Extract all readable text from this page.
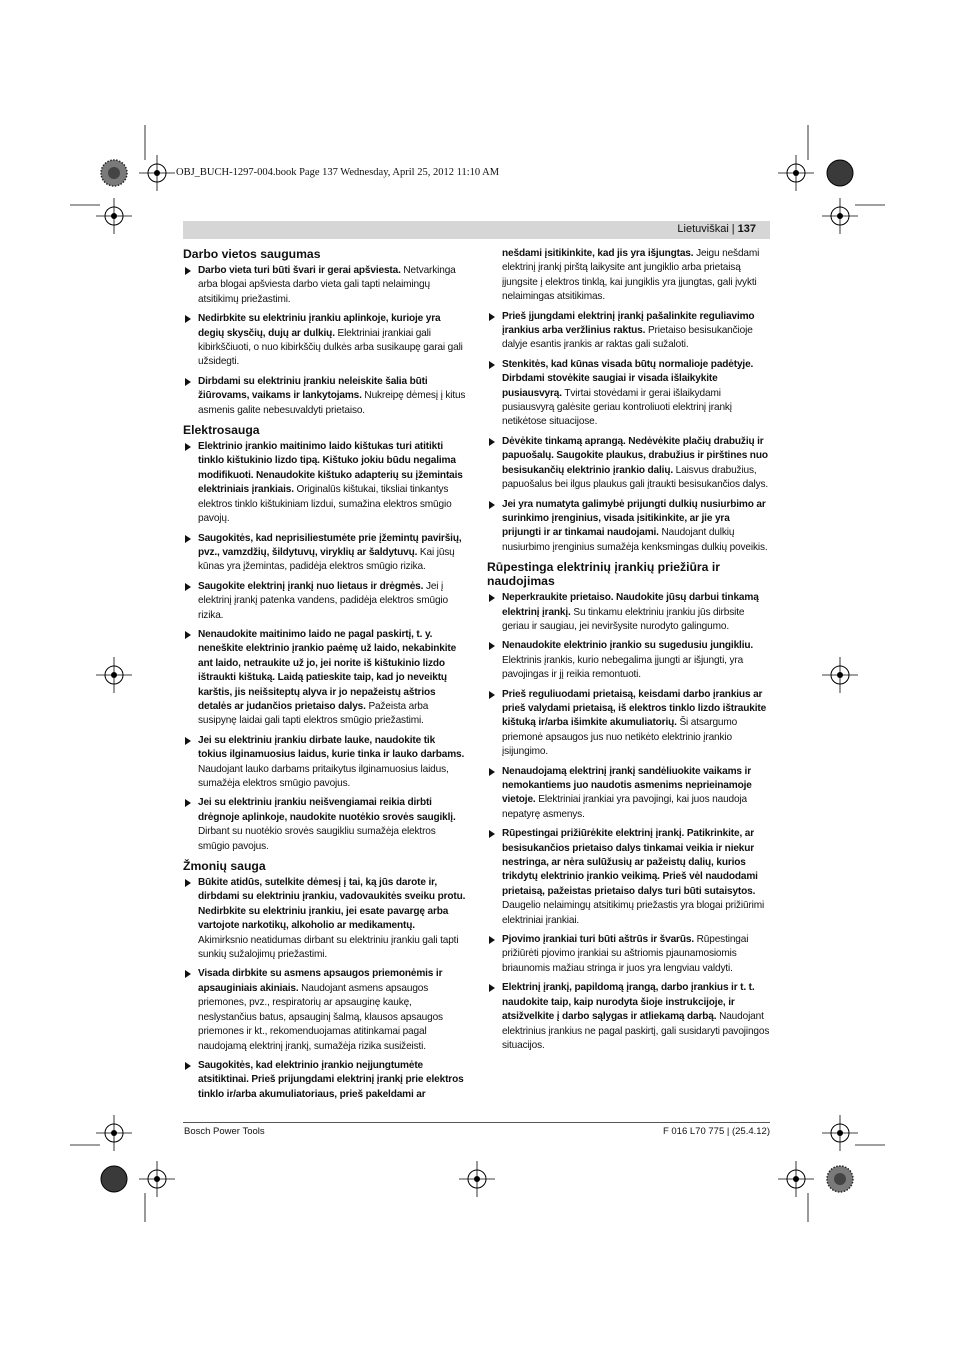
OBJ_BUCH-1297-004.book Page 137 Wednesday, April 25, 2012 11:10 AM
Lietuviškai | 137
Darbo vietos saugumas
Darbo vieta turi būti švari ir gerai apšviesta. Netvarkinga arba blogai apšviesta darbo vieta gali tapti nelaimingų atsitikimų priežastimi.
Nedirbkite su elektriniu įrankiu aplinkoje, kurioje yra degių skysčių, dujų ar dulkių. Elektriniai įrankiai gali kibirkščiuoti, o nuo kibirkščių dulkės arba susikaupę garai gali užsidegti.
Dirbdami su elektriniu įrankiu neleiskite šalia būti žiūrovams, vaikams ir lankytojams. Nukreipę dėmesį į kitus asmenis galite nebesuvaldyti prietaiso.
Elektrosauga
Elektrinio įrankio maitinimo laido kištukas turi atitikti tinklo kištukinio lizdo tipą. Kištuko jokiu būdu negalima modifikuoti. Nenaudokite kištuko adapterių su įžemintais elektriniais įrankiais. Originalūs kištukai, tiksliai tinkantys elektros tinklo kištukiniam lizdui, sumažina elektros smūgio pavojų.
Saugokitės, kad neprisiliestumėte prie įžemintų paviršių, pvz., vamzdžių, šildytuvų, viryklių ar šaldytuvų. Kai jūsų kūnas yra įžemintas, padidėja elektros smūgio rizika.
Saugokite elektrinį įrankį nuo lietaus ir drėgmės. Jei į elektrinį įrankį patenka vandens, padidėja elektros smūgio rizika.
Nenaudokite maitinimo laido ne pagal paskirtį, t. y. neneškite elektrinio įrankio paėmę už laido, nekabinkite ant laido, netraukite už jo, jei norite iš kištukinio lizdo ištraukti kištuką. Laidą patieskite taip, kad jo neveiktų karštis, jis neišsiteptų alyva ir jo nepažeistų aštrios detalės ar judančios prietaiso dalys. Pažeista arba susipynę laidai gali tapti elektros smūgio priežastimi.
Jei su elektriniu įrankiu dirbate lauke, naudokite tik tokius ilginamuosius laidus, kurie tinka ir lauko darbams. Naudojant lauko darbams pritaikytus ilginamuosius laidus, sumažėja elektros smūgio pavojus.
Jei su elektriniu įrankiu neišvengiamai reikia dirbti drėgnoje aplinkoje, naudokite nuotėkio srovės saugiklį. Dirbant su nuotėkio srovės saugikliu sumažėja elektros smūgio pavojus.
Žmonių sauga
Būkite atidūs, sutelkite dėmesį į tai, ką jūs darote ir, dirbdami su elektriniu įrankiu, vadovaukitės sveiku protu. Nedirbkite su elektriniu įrankiu, jei esate pavargę arba vartojote narkotikų, alkoholio ar medikamentų. Akimirksnio neatidumas dirbant su elektriniu įrankiu gali tapti sunkių sužalojimų priežastimi.
Visada dirbkite su asmens apsaugos priemonėmis ir apsauginiais akiniais. Naudojant asmens apsaugos priemones, pvz., respiratorių ar apsauginę kaukę, neslystančius batus, apsauginį šalmą, klausos apsaugos priemones ir kt., rekomenduojamas atitinkamai pagal naudojamą elektrinį įrankį, sumažėja rizika susižeisti.
Saugokitės, kad elektrinio įrankio neįjungtumėte atsitiktinai. Prieš prijungdami elektrinį įrankį prie elektros tinklo ir/arba akumuliatoriaus, prieš pakeldami ar
nešdami įsitikinkite, kad jis yra išjungtas. Jeigu nešdami elektrinį įrankį pirštą laikysite ant jungiklio arba prietaisą įjungsite į elektros tinklą, kai jungiklis yra įjungtas, gali įvykti nelaimingas atsitikimas.
Prieš įjungdami elektrinį įrankį pašalinkite reguliavimo įrankius arba veržlinius raktus. Prietaiso besisukančioje dalyje esantis įrankis ar raktas gali sužaloti.
Stenkitės, kad kūnas visada būtų normalioje padėtyje. Dirbdami stovėkite saugiai ir visada išlaikykite pusiausvyrą. Tvirtai stovėdami ir gerai išlaikydami pusiausvyrą galėsite geriau kontroliuoti elektrinį įrankį netikėtose situacijose.
Dėvėkite tinkamą aprangą. Nedėvėkite plačių drabužių ir papuošalų. Saugokite plaukus, drabužius ir pirštines nuo besisukančių elektrinio įrankio dalių. Laisvus drabužius, papuošalus bei ilgus plaukus gali įtraukti besisukančios dalys.
Jei yra numatyta galimybė prijungti dulkių nusiurbimo ar surinkimo įrenginius, visada įsitikinkite, ar jie yra prijungti ir ar tinkamai naudojami. Naudojant dulkių nusiurbimo įrenginius sumažėja kenksmingas dulkių poveikis.
Rūpestinga elektrinių įrankių priežiūra ir naudojimas
Neperkraukite prietaiso. Naudokite jūsų darbui tinkamą elektrinį įrankį. Su tinkamu elektriniu įrankiu jūs dirbsite geriau ir saugiau, jei neviršysite nurodyto galingumo.
Nenaudokite elektrinio įrankio su sugedusiu jungikliu. Elektrinis įrankis, kurio nebegalima įjungti ar išjungti, yra pavojingas ir jį reikia remontuoti.
Prieš reguliuodami prietaisą, keisdami darbo įrankius ar prieš valydami prietaisą, iš elektros tinklo lizdo ištraukite kištuką ir/arba išimkite akumuliatorių. Ši atsargumo priemonė apsaugos jus nuo netikėto elektrinio įrankio įsijungimo.
Nenaudojamą elektrinį įrankį sandėliuokite vaikams ir nemokantiems juo naudotis asmenims neprieinamoje vietoje. Elektriniai įrankiai yra pavojingi, kai juos naudoja nepatyrę asmenys.
Rūpestingai prižiūrėkite elektrinį įrankį. Patikrinkite, ar besisukančios prietaiso dalys tinkamai veikia ir niekur nestringa, ar nėra sulūžusių ar pažeistų dalių, kurios trikdytų elektrinio įrankio veikimą. Prieš vėl naudodami prietaisą, pažeistas prietaiso dalys turi būti sutaisytos. Daugelio nelaimingų atsitikimų priežastis yra blogai prižiūrimi elektriniai įrankiai.
Pjovimo įrankiai turi būti aštrūs ir švarūs. Rūpestingai prižiūrėti pjovimo įrankiai su aštriomis pjaunamosiomis briaunomis mažiau stringa ir juos yra lengviau valdyti.
Elektrinį įrankį, papildomą įrangą, darbo įrankius ir t. t. naudokite taip, kaip nurodyta šioje instrukcijoje, ir atsižvelkite į darbo sąlygas ir atliekamą darbą. Naudojant elektrinius įrankius ne pagal paskirtį, gali susidaryti pavojingos situacijos.
Bosch Power Tools	F 016 L70 775 | (25.4.12)
